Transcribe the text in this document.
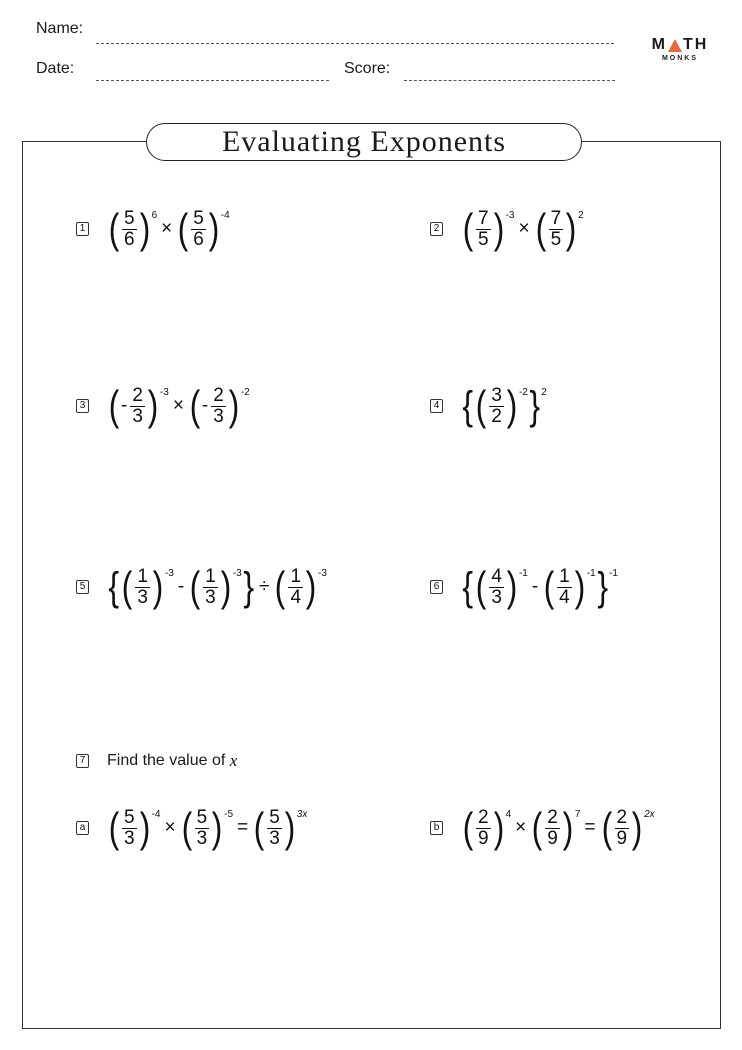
Name:
Date:	Score:
M TH
MONKS
Evaluating Exponents
1 ( $\frac{5}{6}$ ) 6
× ( $\frac{5}{6}$ ) -4
2 ( $\frac{7}{5}$ ) -3
× ( $\frac{7}{5}$ ) 2
3 ( - $\frac{2}{3}$ ) -3
× ( - $\frac{2}{3}$ ) -2
4 { ( $\frac{3}{2}$ ) -2 } 2
5 { ( $\frac{1}{3}$ ) -3
- ( $\frac{1}{3}$ ) -3 } ÷ ( $\frac{1}{4}$ ) -3
6 { ( $\frac{4}{3}$ ) -1
- ( $\frac{1}{4}$ ) -1 } -1
7 Find the value of
x
a ( $\frac{5}{3}$ ) -4
× ( $\frac{5}{3}$ ) -5
= ( $\frac{5}{3}$ ) 3x
b ( $\frac{2}{9}$ ) 4
× ( $\frac{2}{9}$ ) 7
= ( $\frac{2}{9}$ ) 2x
